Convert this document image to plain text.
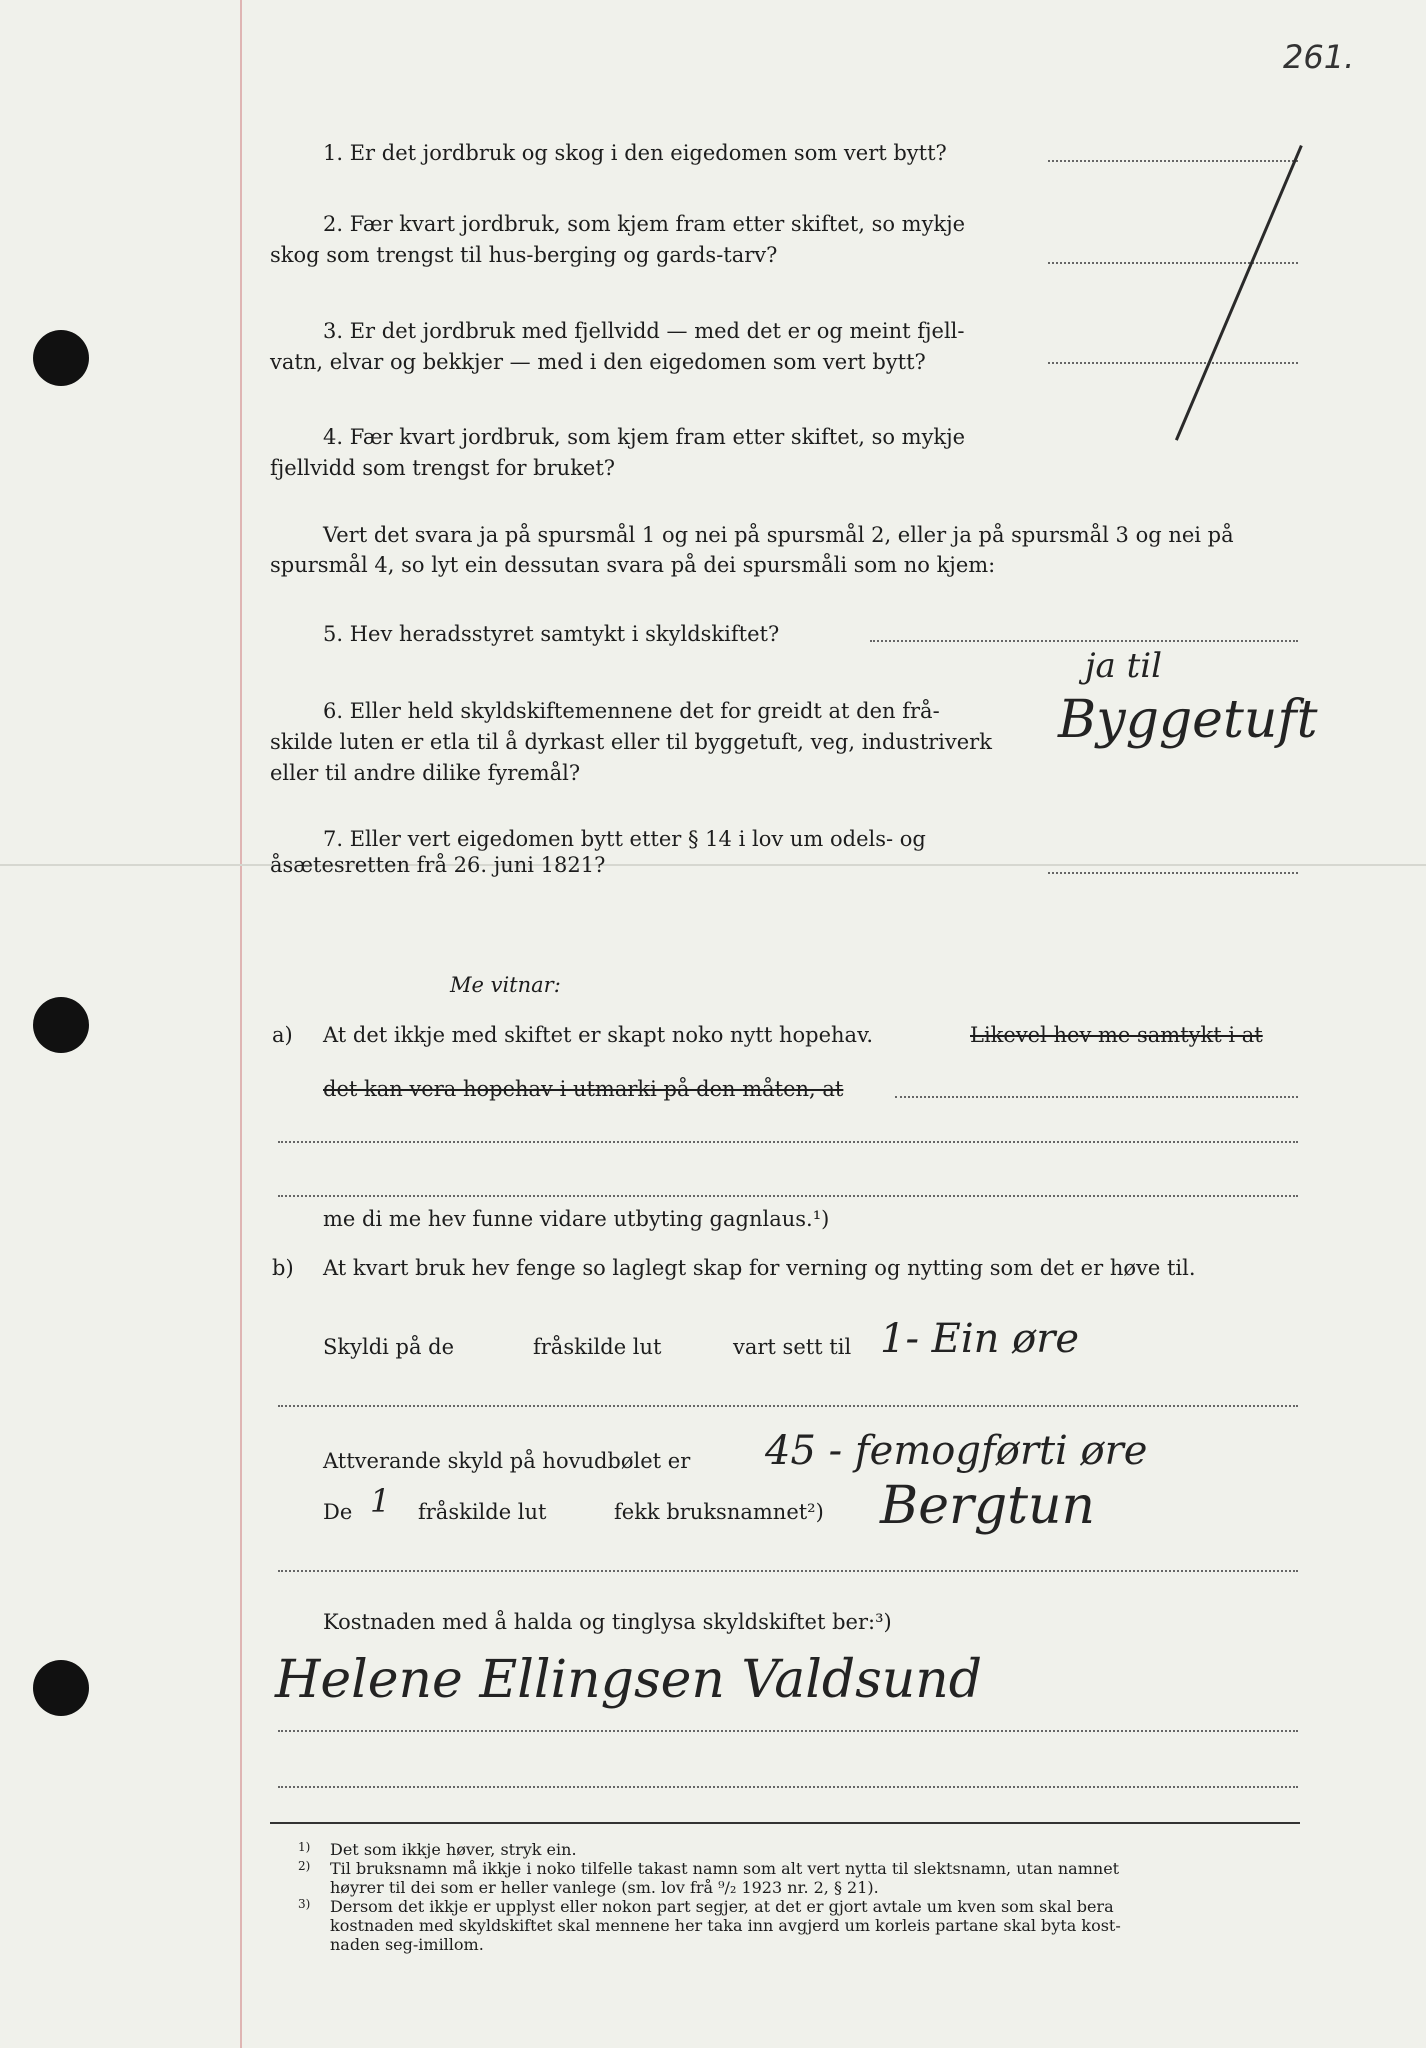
261.
1. Er det jordbruk og skog i den eigedomen som vert bytt?
2. Fær kvart jordbruk, som kjem fram etter skiftet, so mykje
skog som trengst til hus-berging og gards-tarv?
3. Er det jordbruk med fjellvidd — med det er og meint fjell-
vatn, elvar og bekkjer — med i den eigedomen som vert bytt?
4. Fær kvart jordbruk, som kjem fram etter skiftet, so mykje
fjellvidd som trengst for bruket?
Vert det svara ja på spursmål 1 og nei på spursmål 2, eller ja på spursmål 3 og nei på
spursmål 4, so lyt ein dessutan svara på dei spursmåli som no kjem:
5. Hev heradsstyret samtykt i skyldskiftet?
6. Eller held skyldskiftemennene det for greidt at den frå-
skilde luten er etla til å dyrkast eller til byggetuft, veg, industriverk
eller til andre dilike fyremål?
ja til
Byggetuft
7. Eller vert eigedomen bytt etter § 14 i lov um odels- og
åsætesretten frå 26. juni 1821?
Me vitnar:
a) At det ikkje med skiftet er skapt noko nytt hopehav.	Likevel hev me samtykt i at
det kan vera hopehav i utmarki på den måten, at
me di me hev funne vidare utbyting gagnlaus.¹)
b) At kvart bruk hev fenge so laglegt skap for verning og nytting som det er høve til.
Skyldi på de	fråskilde lut	vart sett til 1- Ein øre
Attverande skyld på hovudbølet er 45 - femogførti øre
De 1 fråskilde lut	fekk bruksnamnet²) Bergtun
Kostnaden med å halda og tinglysa skyldskiftet ber:³)
Helene Ellingsen Valdsund
1) Det som ikkje høver, stryk ein.
2) Til bruksnamn må ikkje i noko tilfelle takast namn som alt vert nytta til slektsnamn, utan namnet
høyrer til dei som er heller vanlege (sm. lov frå ⁹/₂ 1923 nr. 2, § 21).
3) Dersom det ikkje er upplyst eller nokon part segjer, at det er gjort avtale um kven som skal bera
kostnaden med skyldskiftet skal mennene her taka inn avgjerd um korleis partane skal byta kost-
naden seg-imillom.
